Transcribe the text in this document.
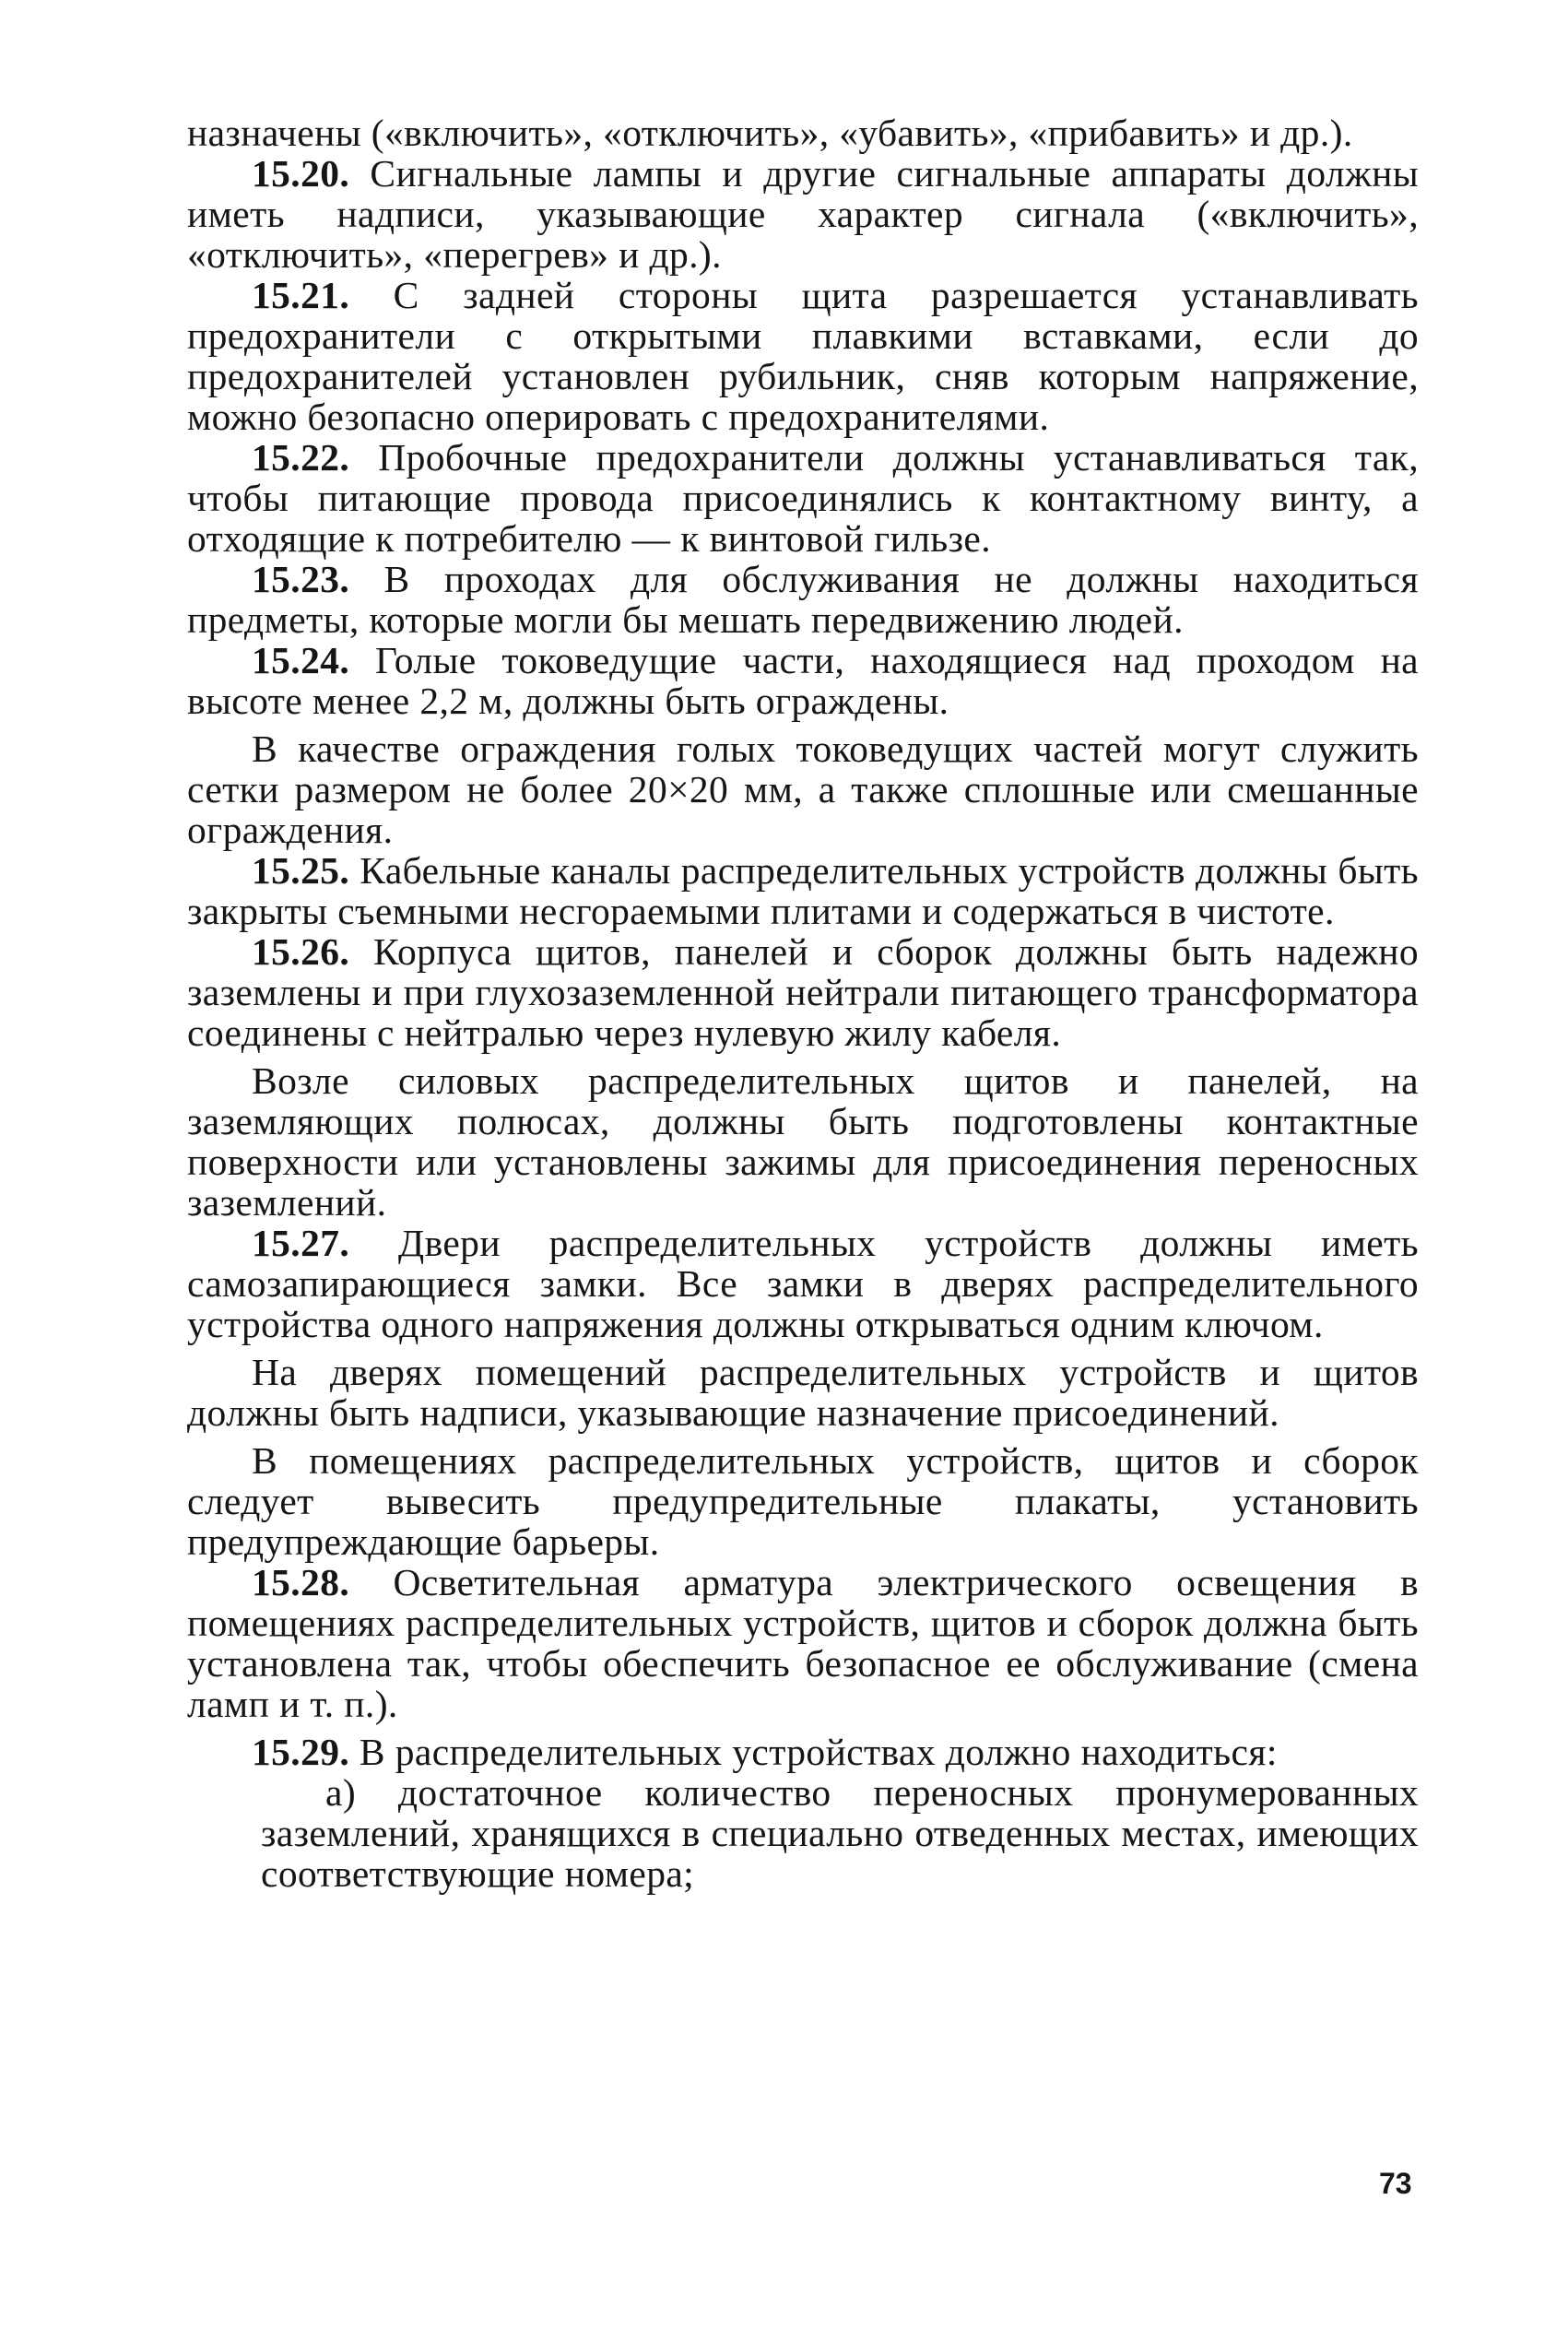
назначены («включить», «отключить», «убавить», «прибавить» и др.).

15.20. Сигнальные лампы и другие сигнальные аппараты должны иметь надписи, указывающие характер сигнала («включить», «отключить», «перегрев» и др.).

15.21. С задней стороны щита разрешается устанавливать предохранители с открытыми плавкими вставками, если до предохранителей установлен рубильник, сняв которым напряжение, можно безопасно оперировать с предохранителями.

15.22. Пробочные предохранители должны устанавливаться так, чтобы питающие провода присоединялись к контактному винту, а отходящие к потребителю — к винтовой гильзе.

15.23. В проходах для обслуживания не должны находиться предметы, которые могли бы мешать передвижению людей.

15.24. Голые токоведущие части, находящиеся над проходом на высоте менее 2,2 м, должны быть ограждены.

В качестве ограждения голых токоведущих частей могут служить сетки размером не более 20×20 мм, а также сплошные или смешанные ограждения.

15.25. Кабельные каналы распределительных устройств должны быть закрыты съемными несгораемыми плитами и содержаться в чистоте.

15.26. Корпуса щитов, панелей и сборок должны быть надежно заземлены и при глухозаземленной нейтрали питающего трансформатора соединены с нейтралью через нулевую жилу кабеля.

Возле силовых распределительных щитов и панелей, на заземляющих полюсах, должны быть подготовлены контактные поверхности или установлены зажимы для присоединения переносных заземлений.

15.27. Двери распределительных устройств должны иметь самозапирающиеся замки. Все замки в дверях распределительного устройства одного напряжения должны открываться одним ключом.

На дверях помещений распределительных устройств и щитов должны быть надписи, указывающие назначение присоединений.

В помещениях распределительных устройств, щитов и сборок следует вывесить предупредительные плакаты, установить предупреждающие барьеры.

15.28. Осветительная арматура электрического освещения в помещениях распределительных устройств, щитов и сборок должна быть установлена так, чтобы обеспечить безопасное ее обслуживание (смена ламп и т. п.).

15.29. В распределительных устройствах должно находиться:

а) достаточное количество переносных пронумерованных заземлений, хранящихся в специально отведенных местах, имеющих соответствующие номера;

73
